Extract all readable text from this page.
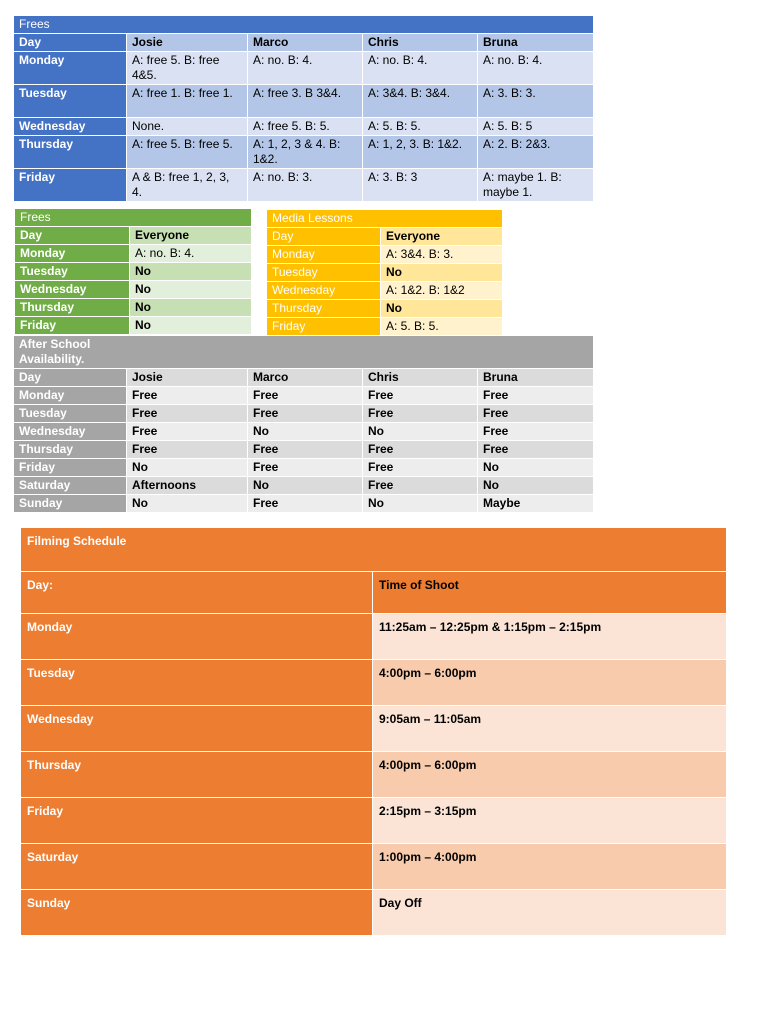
Frees				
Day	Josie	Marco	Chris	Bruna
Monday	A: free 5. B: free 4&5.	A: no. B: 4.	A: no. B: 4.	A: no. B: 4.
Tuesday	A: free 1. B: free 1.	A: free 3. B 3&4.	A: 3&4. B: 3&4.	A: 3. B: 3.
Wednesday	None.	A: free 5. B: 5.	A: 5. B: 5.	A: 5. B: 5
Thursday	A: free 5. B: free 5.	A: 1, 2, 3 & 4. B: 1&2.	A: 1, 2, 3. B: 1&2.	A: 2. B: 2&3.
Friday	A & B: free 1, 2, 3, 4.	A: no. B: 3.	A: 3. B: 3	A: maybe 1. B: maybe 1.
Frees	
Day	Everyone
Monday	A: no. B: 4.
Tuesday	No
Wednesday	No
Thursday	No
Friday	No
Media Lessons	
Day	Everyone
Monday	A: 3&4. B: 3.
Tuesday	No
Wednesday	A: 1&2. B: 1&2
Thursday	No
Friday	A: 5. B: 5.
After School Availability.				

Day	Josie	Marco	Chris	Bruna
Monday	Free	Free	Free	Free
Tuesday	Free	Free	Free	Free
Wednesday	Free	No	No	Free
Thursday	Free	Free	Free	Free
Friday	No	Free	Free	No
Saturday	Afternoons	No	Free	No
Sunday	No	Free	No	Maybe
Filming Schedule	
Day:	Time of Shoot
Monday	11:25am – 12:25pm & 1:15pm – 2:15pm
Tuesday	4:00pm – 6:00pm
Wednesday	9:05am – 11:05am
Thursday	4:00pm – 6:00pm
Friday	2:15pm – 3:15pm
Saturday	1:00pm – 4:00pm
Sunday	Day Off
